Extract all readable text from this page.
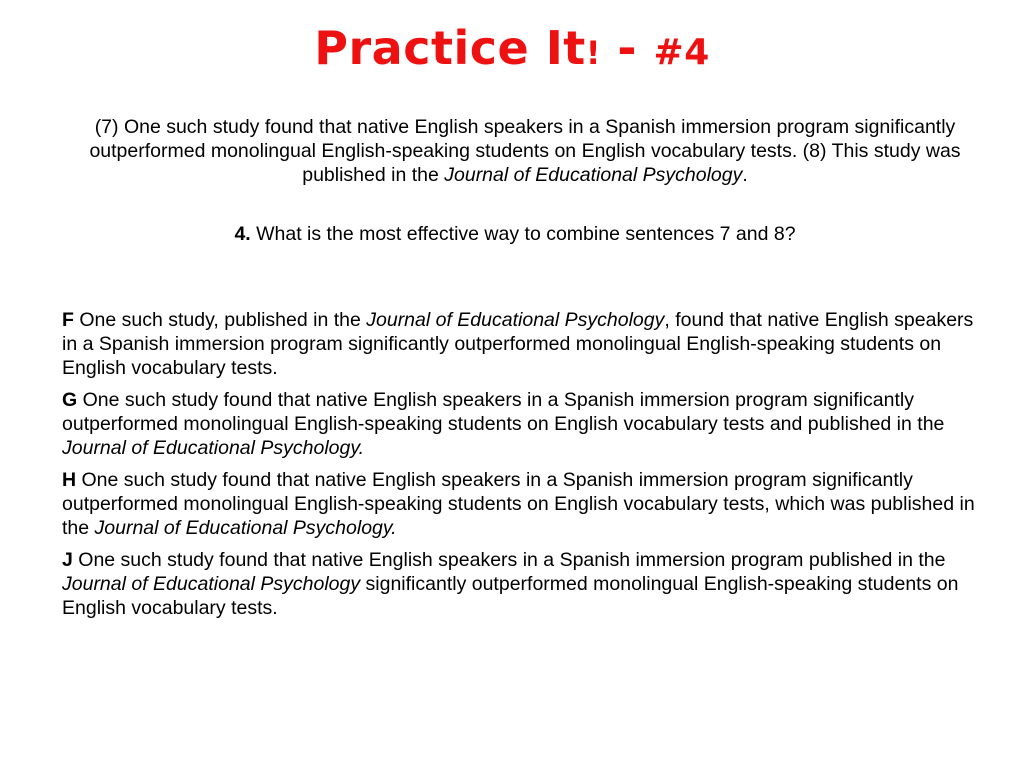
Practice It! - #4
(7) One such study found that native English speakers in a Spanish immersion program significantly outperformed monolingual English-speaking students on English vocabulary tests. (8) This study was published in the Journal of Educational Psychology.
4. What is the most effective way to combine sentences 7 and 8?
F One such study, published in the Journal of Educational Psychology, found that native English speakers in a Spanish immersion program significantly outperformed monolingual English-speaking students on English vocabulary tests.
G One such study found that native English speakers in a Spanish immersion program significantly outperformed monolingual English-speaking students on English vocabulary tests and published in the Journal of Educational Psychology.
H One such study found that native English speakers in a Spanish immersion program significantly outperformed monolingual English-speaking students on English vocabulary tests, which was published in the Journal of Educational Psychology.
J One such study found that native English speakers in a Spanish immersion program published in the Journal of Educational Psychology significantly outperformed monolingual English-speaking students on English vocabulary tests.
